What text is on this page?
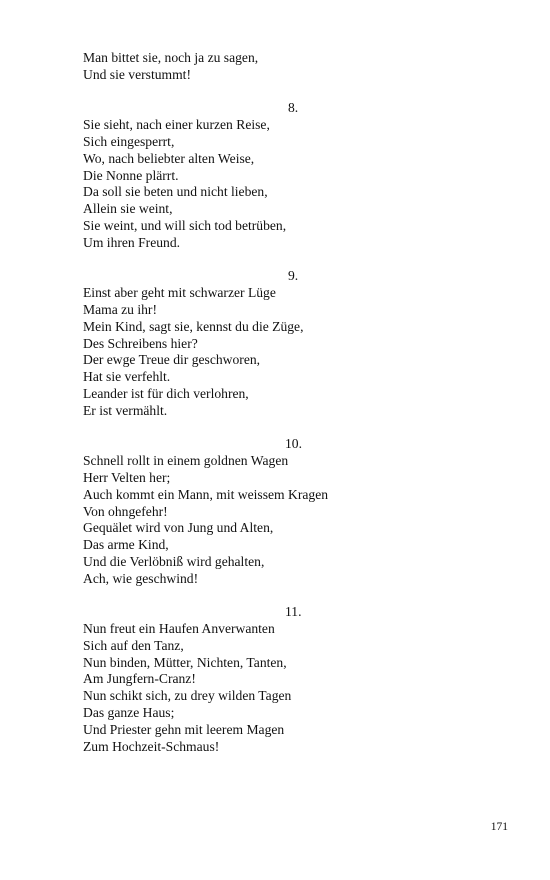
Man bittet sie, noch ja zu sagen,
Und sie verstummt!
8.
Sie sieht, nach einer kurzen Reise,
Sich eingesperrt,
Wo, nach beliebter alten Weise,
Die Nonne plärrt.
Da soll sie beten und nicht lieben,
Allein sie weint,
Sie weint, und will sich tod betrüben,
Um ihren Freund.
9.
Einst aber geht mit schwarzer Lüge
Mama zu ihr!
Mein Kind, sagt sie, kennst du die Züge,
Des Schreibens hier?
Der ewge Treue dir geschworen,
Hat sie verfehlt.
Leander ist für dich verlohren,
Er ist vermählt.
10.
Schnell rollt in einem goldnen Wagen
Herr Velten her;
Auch kommt ein Mann, mit weissem Kragen
Von ohngefehr!
Gequälet wird von Jung und Alten,
Das arme Kind,
Und die Verlöbniß wird gehalten,
Ach, wie geschwind!
11.
Nun freut ein Haufen Anverwanten
Sich auf den Tanz,
Nun binden, Mütter, Nichten, Tanten,
Am Jungfern-Cranz!
Nun schikt sich, zu drey wilden Tagen
Das ganze Haus;
Und Priester gehn mit leerem Magen
Zum Hochzeit-Schmaus!
171
